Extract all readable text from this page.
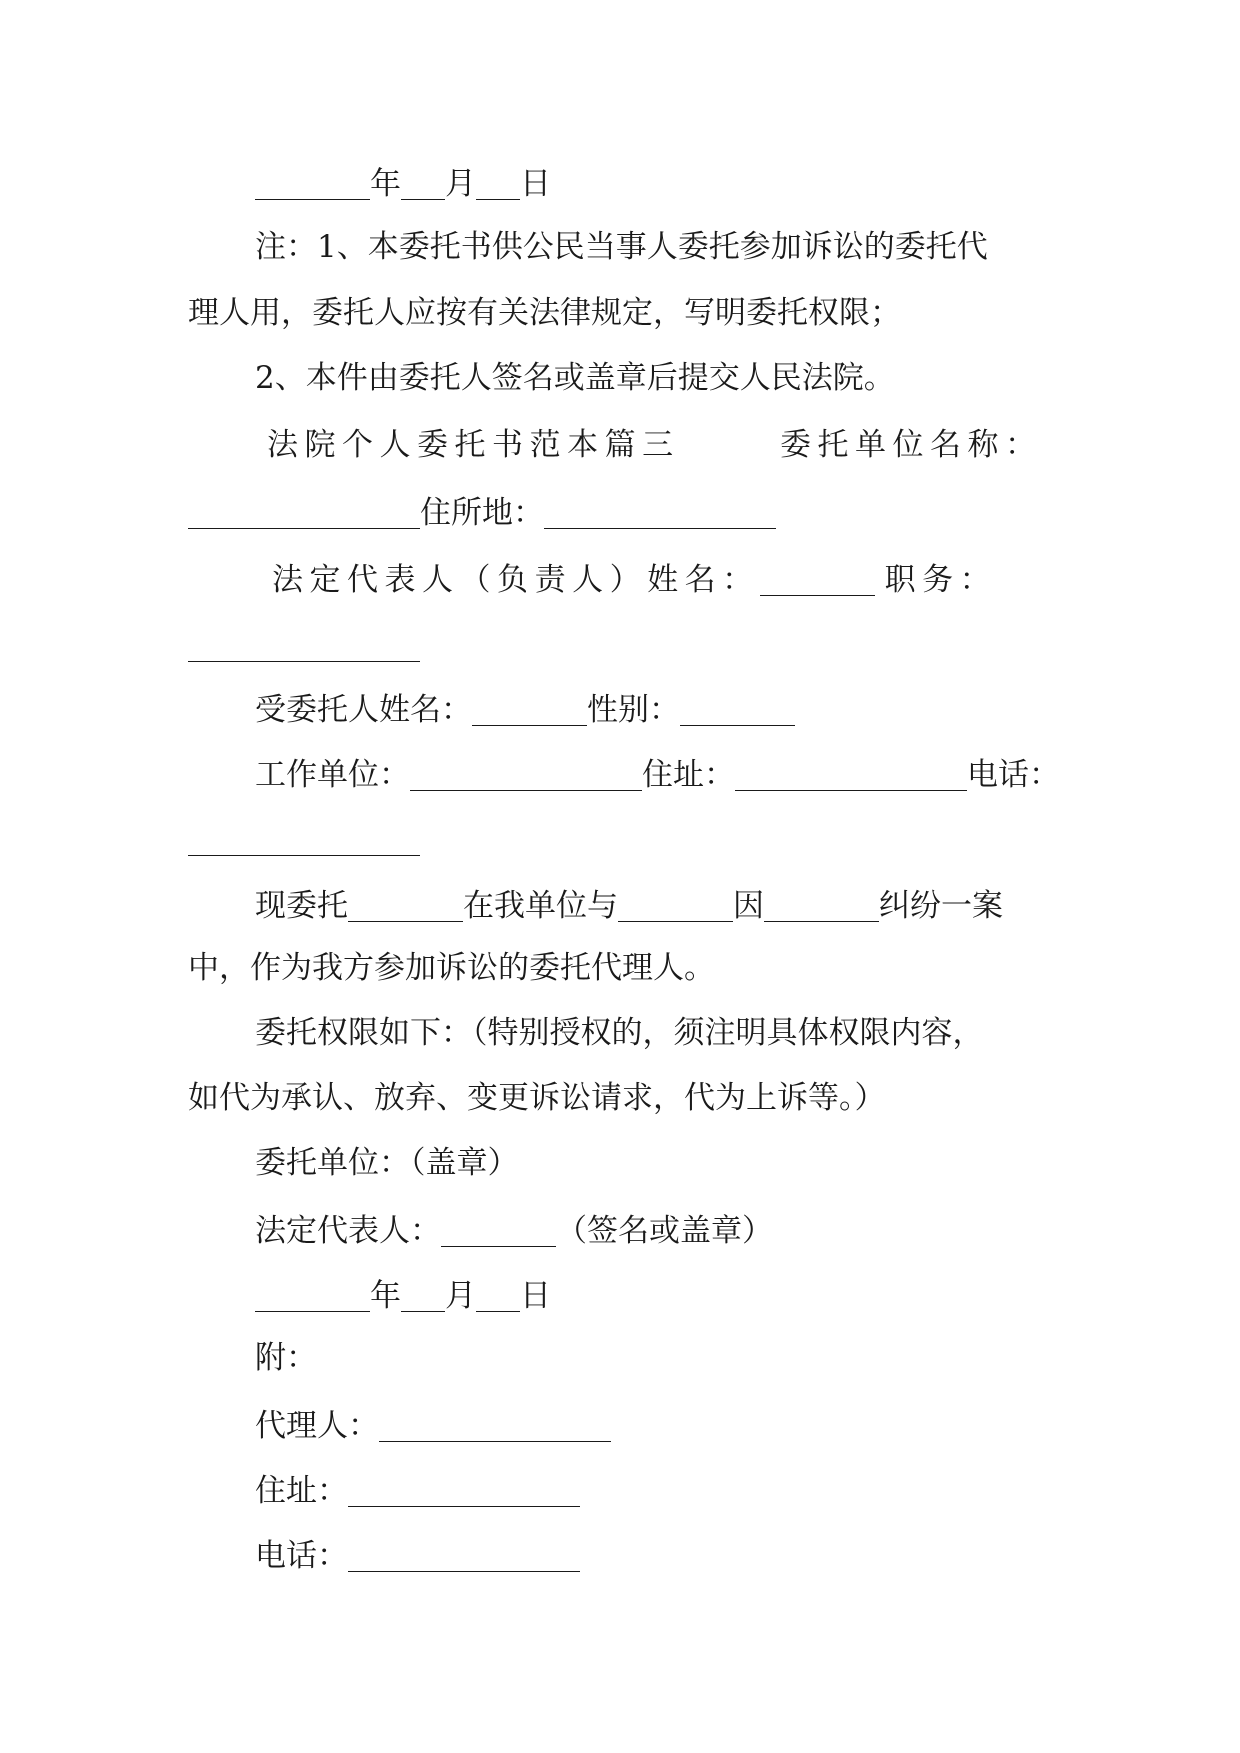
年 月 日

注：1、本委托书供公民当事人委托参加诉讼的委托代

理人用，委托人应按有关法律规定，写明委托权限；

2、本件由委托人签名或盖章后提交人民法院。

法院个人委托书范本篇三	委托单位名称：

住所地：

法定代表人（负责人）姓名：	职务：

受委托人姓名：	性别：

工作单位：	住址：	电话：

现委托	在我单位与	因	纠纷一案

中，作为我方参加诉讼的委托代理人。

委托权限如下：（特别授权的，须注明具体权限内容，

如代为承认、放弃、变更诉讼请求，代为上诉等。）

委托单位：（盖章）

法定代表人：	（签名或盖章）

年 月 日

附：

代理人：

住址：

电话：
